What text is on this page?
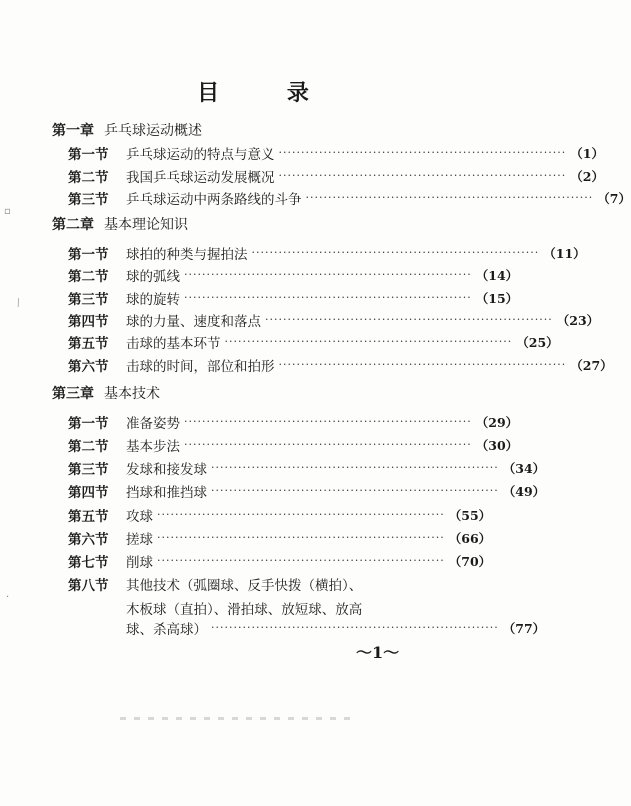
目 录
第一章 乒乓球运动概述
第一节	乒乓球运动的特点与意义 ································································ （1）
第二节	我国乒乓球运动发展概况 ································································ （2）
第三节	乒乓球运动中两条路线的斗争 ································································ （7）
第二章 基本理论知识
第一节	球拍的种类与握拍法 ································································ （11）
第二节	球的弧线 ································································ （14）
第三节	球的旋转 ································································ （15）
第四节	球的力量、速度和落点 ································································ （23）
第五节	击球的基本环节 ································································ （25）
第六节	击球的时间，部位和拍形 ································································ （27）
第三章 基本技术
第一节	准备姿势 ································································ （29）
第二节	基本步法 ································································ （30）
第三节	发球和接发球 ································································ （34）
第四节	挡球和推挡球 ································································ （49）
第五节	攻球 ································································ （55）
第六节	搓球 ································································ （66）
第七节	削球 ································································ （70）
第八节	其他技术（弧圈球、反手快拨（横拍）、
木板球（直拍）、滑拍球、放短球、放高
球、杀高球） ································································ （77）
～1～
▫
⁄
·
